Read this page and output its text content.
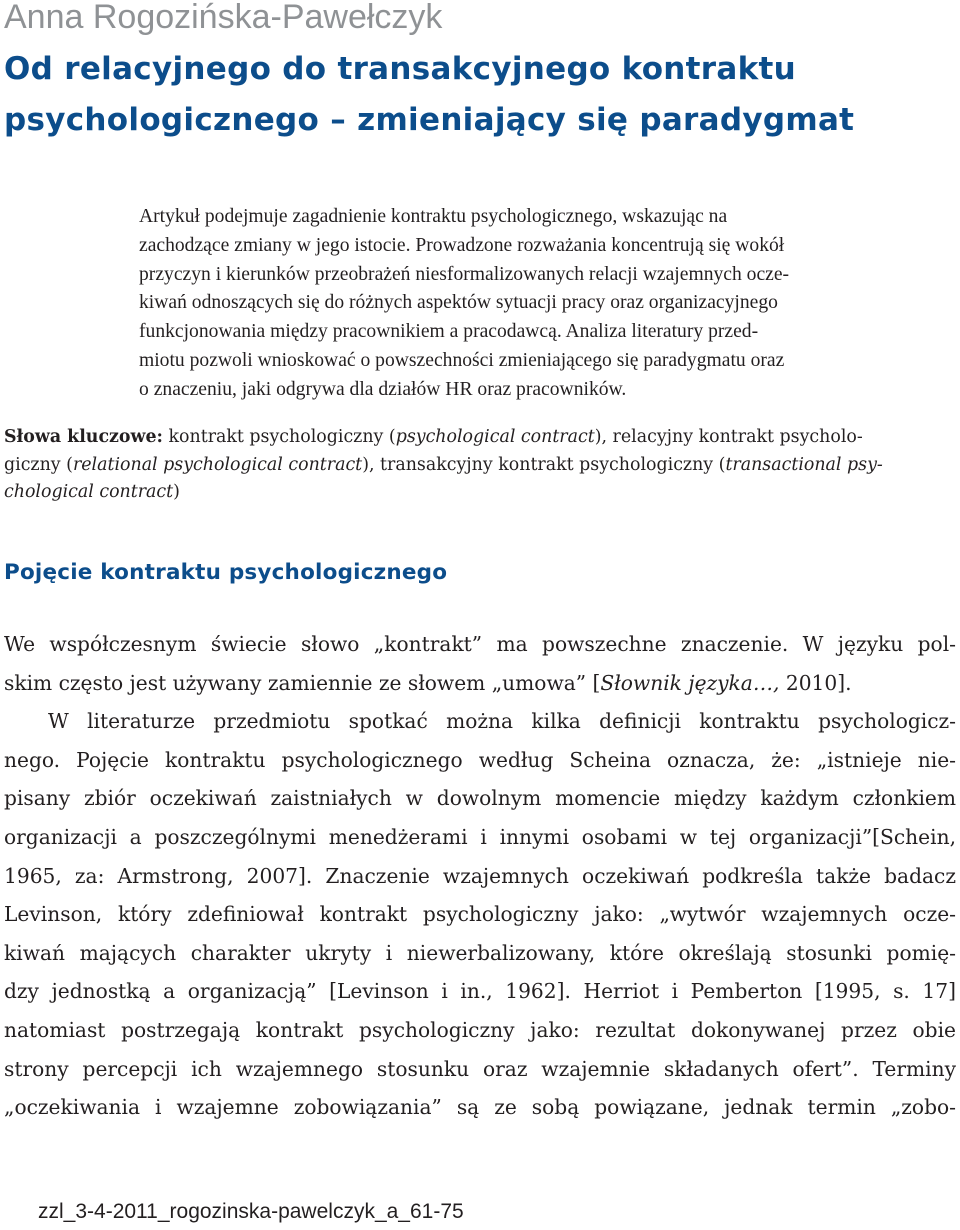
Anna Rogozińska-Pawełczyk
Od relacyjnego do transakcyjnego kontraktu
psychologicznego – zmieniający się paradygmat
Artykuł podejmuje zagadnienie kontraktu psychologicznego, wskazując na
zachodzące zmiany w jego istocie. Prowadzone rozważania koncentrują się wokół
przyczyn i kierunków przeobrażeń niesformalizowanych relacji wzajemnych ocze-
kiwań odnoszących się do różnych aspektów sytuacji pracy oraz organizacyjnego
funkcjonowania między pracownikiem a pracodawcą. Analiza literatury przed-
miotu pozwoli wnioskować o powszechności zmieniającego się paradygmatu oraz
o znaczeniu, jaki odgrywa dla działów HR oraz pracowników.
Słowa kluczowe: kontrakt psychologiczny (psychological contract), relacyjny kontrakt psycholo-
giczny (relational psychological contract), transakcyjny kontrakt psychologiczny (transactional psy-
chological contract)
Pojęcie kontraktu psychologicznego
We współczesnym świecie słowo „kontrakt” ma powszechne znaczenie. W języku pol-
skim często jest używany zamiennie ze słowem „umowa” [Słownik języka…, 2010].
W literaturze przedmiotu spotkać można kilka definicji kontraktu psychologicz-
nego. Pojęcie kontraktu psychologicznego według Scheina oznacza, że: „istnieje nie-
pisany zbiór oczekiwań zaistniałych w dowolnym momencie między każdym członkiem
organizacji a poszczególnymi menedżerami i innymi osobami w tej organizacji”[Schein,
1965, za: Armstrong, 2007]. Znaczenie wzajemnych oczekiwań podkreśla także badacz
Levinson, który zdefiniował kontrakt psychologiczny jako: „wytwór wzajemnych ocze-
kiwań mających charakter ukryty i niewerbalizowany, które określają stosunki pomię-
dzy jednostką a organizacją” [Levinson i in., 1962]. Herriot i Pemberton [1995, s. 17]
natomiast postrzegają kontrakt psychologiczny jako: rezultat dokonywanej przez obie
strony percepcji ich wzajemnego stosunku oraz wzajemnie składanych ofert”. Terminy
„oczekiwania i wzajemne zobowiązania” są ze sobą powiązane, jednak termin „zobo-
zzl_3-4-2011_rogozinska-pawelczyk_a_61-75
